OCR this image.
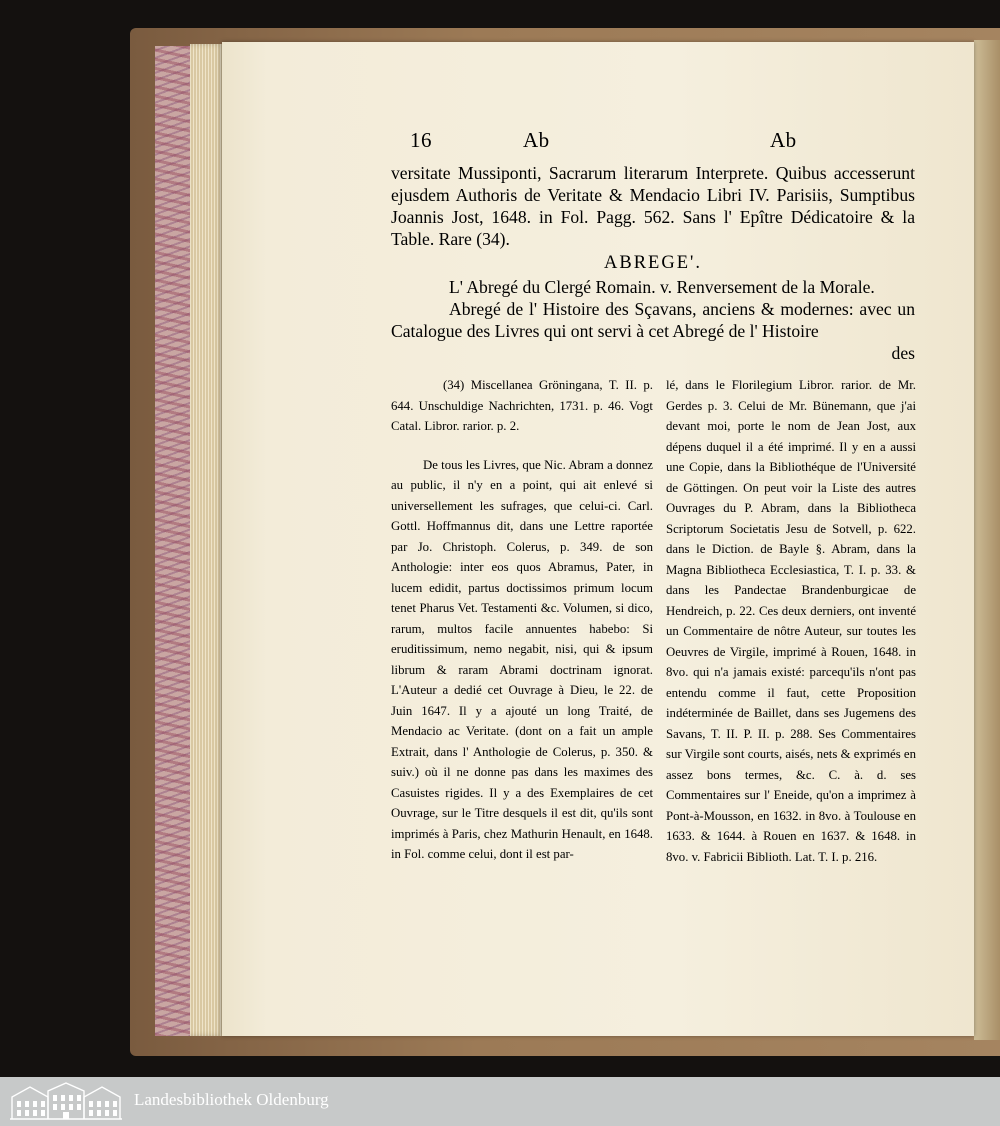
16	Ab	Ab

versitate Mussiponti, Sacrarum literarum Interprete. Quibus accesserunt ejusdem Authoris de Veritate & Mendacio Libri IV. Parisiis, Sumptibus Joannis Jost, 1648. in Fol. Pagg. 562. Sans l' Epître Dédicatoire & la Table. Rare (34).

ABREGE'.

L' Abregé du Clergé Romain. v. Renversement de la Morale.

Abregé de l' Histoire des Sçavans, anciens & modernes: avec un Catalogue des Livres qui ont servi à cet Abregé de l' Histoire

des

(34) Miscellanea Gröningana, T. II. p. 644. Unschuldige Nachrichten, 1731. p. 46. Vogt Catal. Libror. rarior. p. 2.

De tous les Livres, que Nic. Abram a donnez au public, il n'y en a point, qui ait enlevé si universellement les sufrages, que celui-ci. Carl. Gottl. Hoffmannus dit, dans une Lettre raportée par Jo. Christoph. Colerus, p. 349. de son Anthologie: inter eos quos Abramus, Pater, in lucem edidit, partus doctissimos primum locum tenet Pharus Vet. Testamenti &c. Volumen, si dico, rarum, multos facile annuentes habebo: Si eruditissimum, nemo negabit, nisi, qui & ipsum librum & raram Abrami doctrinam ignorat. L'Auteur a dedié cet Ouvrage à Dieu, le 22. de Juin 1647. Il y a ajouté un long Traité, de Mendacio ac Veritate. (dont on a fait un ample Extrait, dans l' Anthologie de Colerus, p. 350. & suiv.) où il ne donne pas dans les maximes des Casuistes rigides. Il y a des Exemplaires de cet Ouvrage, sur le Titre desquels il est dit, qu'ils sont imprimés à Paris, chez Mathurin Henault, en 1648. in Fol. comme celui, dont il est par-

lé, dans le Florilegium Libror. rarior. de Mr. Gerdes p. 3. Celui de Mr. Bünemann, que j'ai devant moi, porte le nom de Jean Jost, aux dépens duquel il a été imprimé. Il y en a aussi une Copie, dans la Bibliothéque de l'Université de Göttingen. On peut voir la Liste des autres Ouvrages du P. Abram, dans la Bibliotheca Scriptorum Societatis Jesu de Sotvell, p. 622. dans le Diction. de Bayle §. Abram, dans la Magna Bibliotheca Ecclesiastica, T. I. p. 33. & dans les Pandectae Brandenburgicae de Hendreich, p. 22. Ces deux derniers, ont inventé un Commentaire de nôtre Auteur, sur toutes les Oeuvres de Virgile, imprimé à Rouen, 1648. in 8vo. qui n'a jamais existé: parcequ'ils n'ont pas entendu comme il faut, cette Proposition indéterminée de Baillet, dans ses Jugemens des Savans, T. II. P. II. p. 288. Ses Commentaires sur Virgile sont courts, aisés, nets & exprimés en assez bons termes, &c. C. à. d. ses Commentaires sur l' Eneide, qu'on a imprimez à Pont-à-Mousson, en 1632. in 8vo. à Toulouse en 1633. & 1644. à Rouen en 1637. & 1648. in 8vo. v. Fabricii Biblioth. Lat. T. I. p. 216.

Landesbibliothek Oldenburg
